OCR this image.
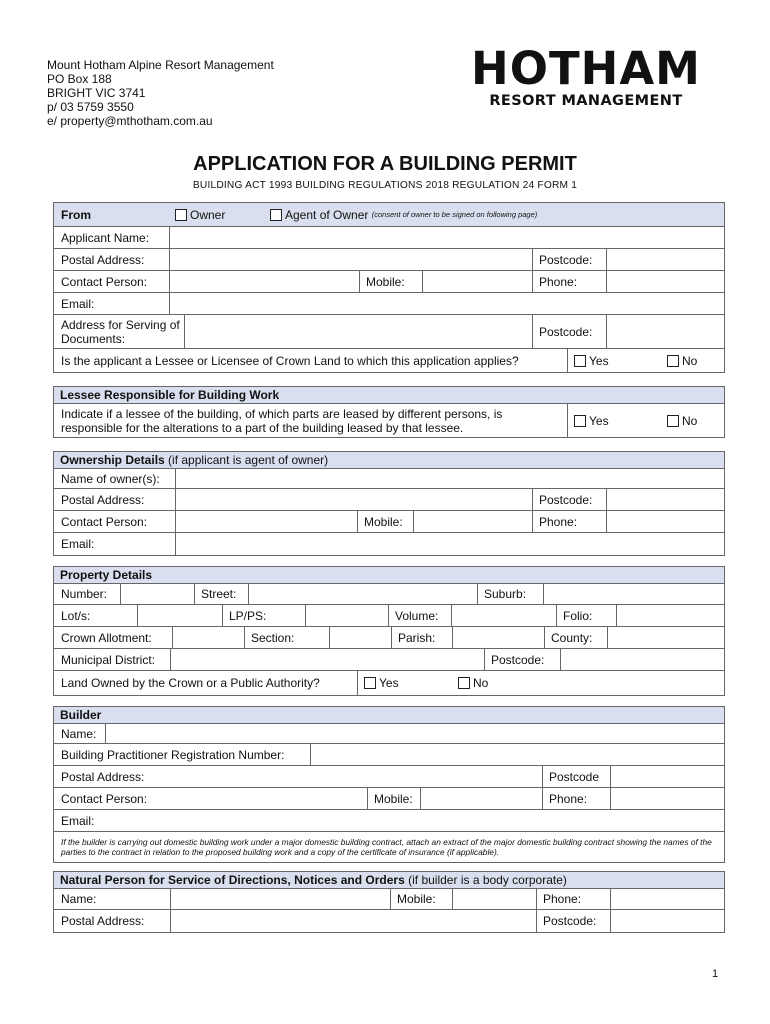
Mount Hotham Alpine Resort Management
PO Box 188
BRIGHT VIC 3741
p/ 03 5759 3550
e/ property@mthotham.com.au
HOTHAM
RESORT MANAGEMENT
APPLICATION FOR A BUILDING PERMIT
BUILDING ACT 1993 BUILDING REGULATIONS 2018 REGULATION 24 FORM 1
From	Owner	Agent of Owner
(consent of owner to be signed on following page)
Applicant Name:
Postal Address:	Postcode:
Contact Person:	Mobile:	Phone:
Email:
Address for Serving of Documents:	Postcode:
Is the applicant a Lessee or Licensee of Crown Land to which this application applies?	Yes	No
Lessee Responsible for Building Work
Indicate if a lessee of the building, of which parts are leased by different persons, is responsible for the alterations to a part of the building leased by that lessee.	Yes	No
Ownership Details (if applicant is agent of owner)
Name of owner(s):
Postal Address:	Postcode:
Contact Person:	Mobile:	Phone:
Email:
Property Details
Number:	Street:	Suburb:
Lot/s:	LP/PS:	Volume:	Folio:
Crown Allotment:	Section:	Parish:	County:
Municipal District:	Postcode:
Land Owned by the Crown or a Public Authority?	Yes	No
Builder
Name:
Building Practitioner Registration Number:
Postal Address:	Postcode
Contact Person:	Mobile:	Phone:
Email:
If the builder is carrying out domestic building work under a major domestic building contract, attach an extract of the major domestic building contract showing the names of the parties to the contract in relation to the proposed building work and a copy of the certificate of insurance (if applicable).
Natural Person for Service of Directions, Notices and Orders (if builder is a body corporate)
Name:	Mobile:	Phone:
Postal Address:	Postcode:
1
